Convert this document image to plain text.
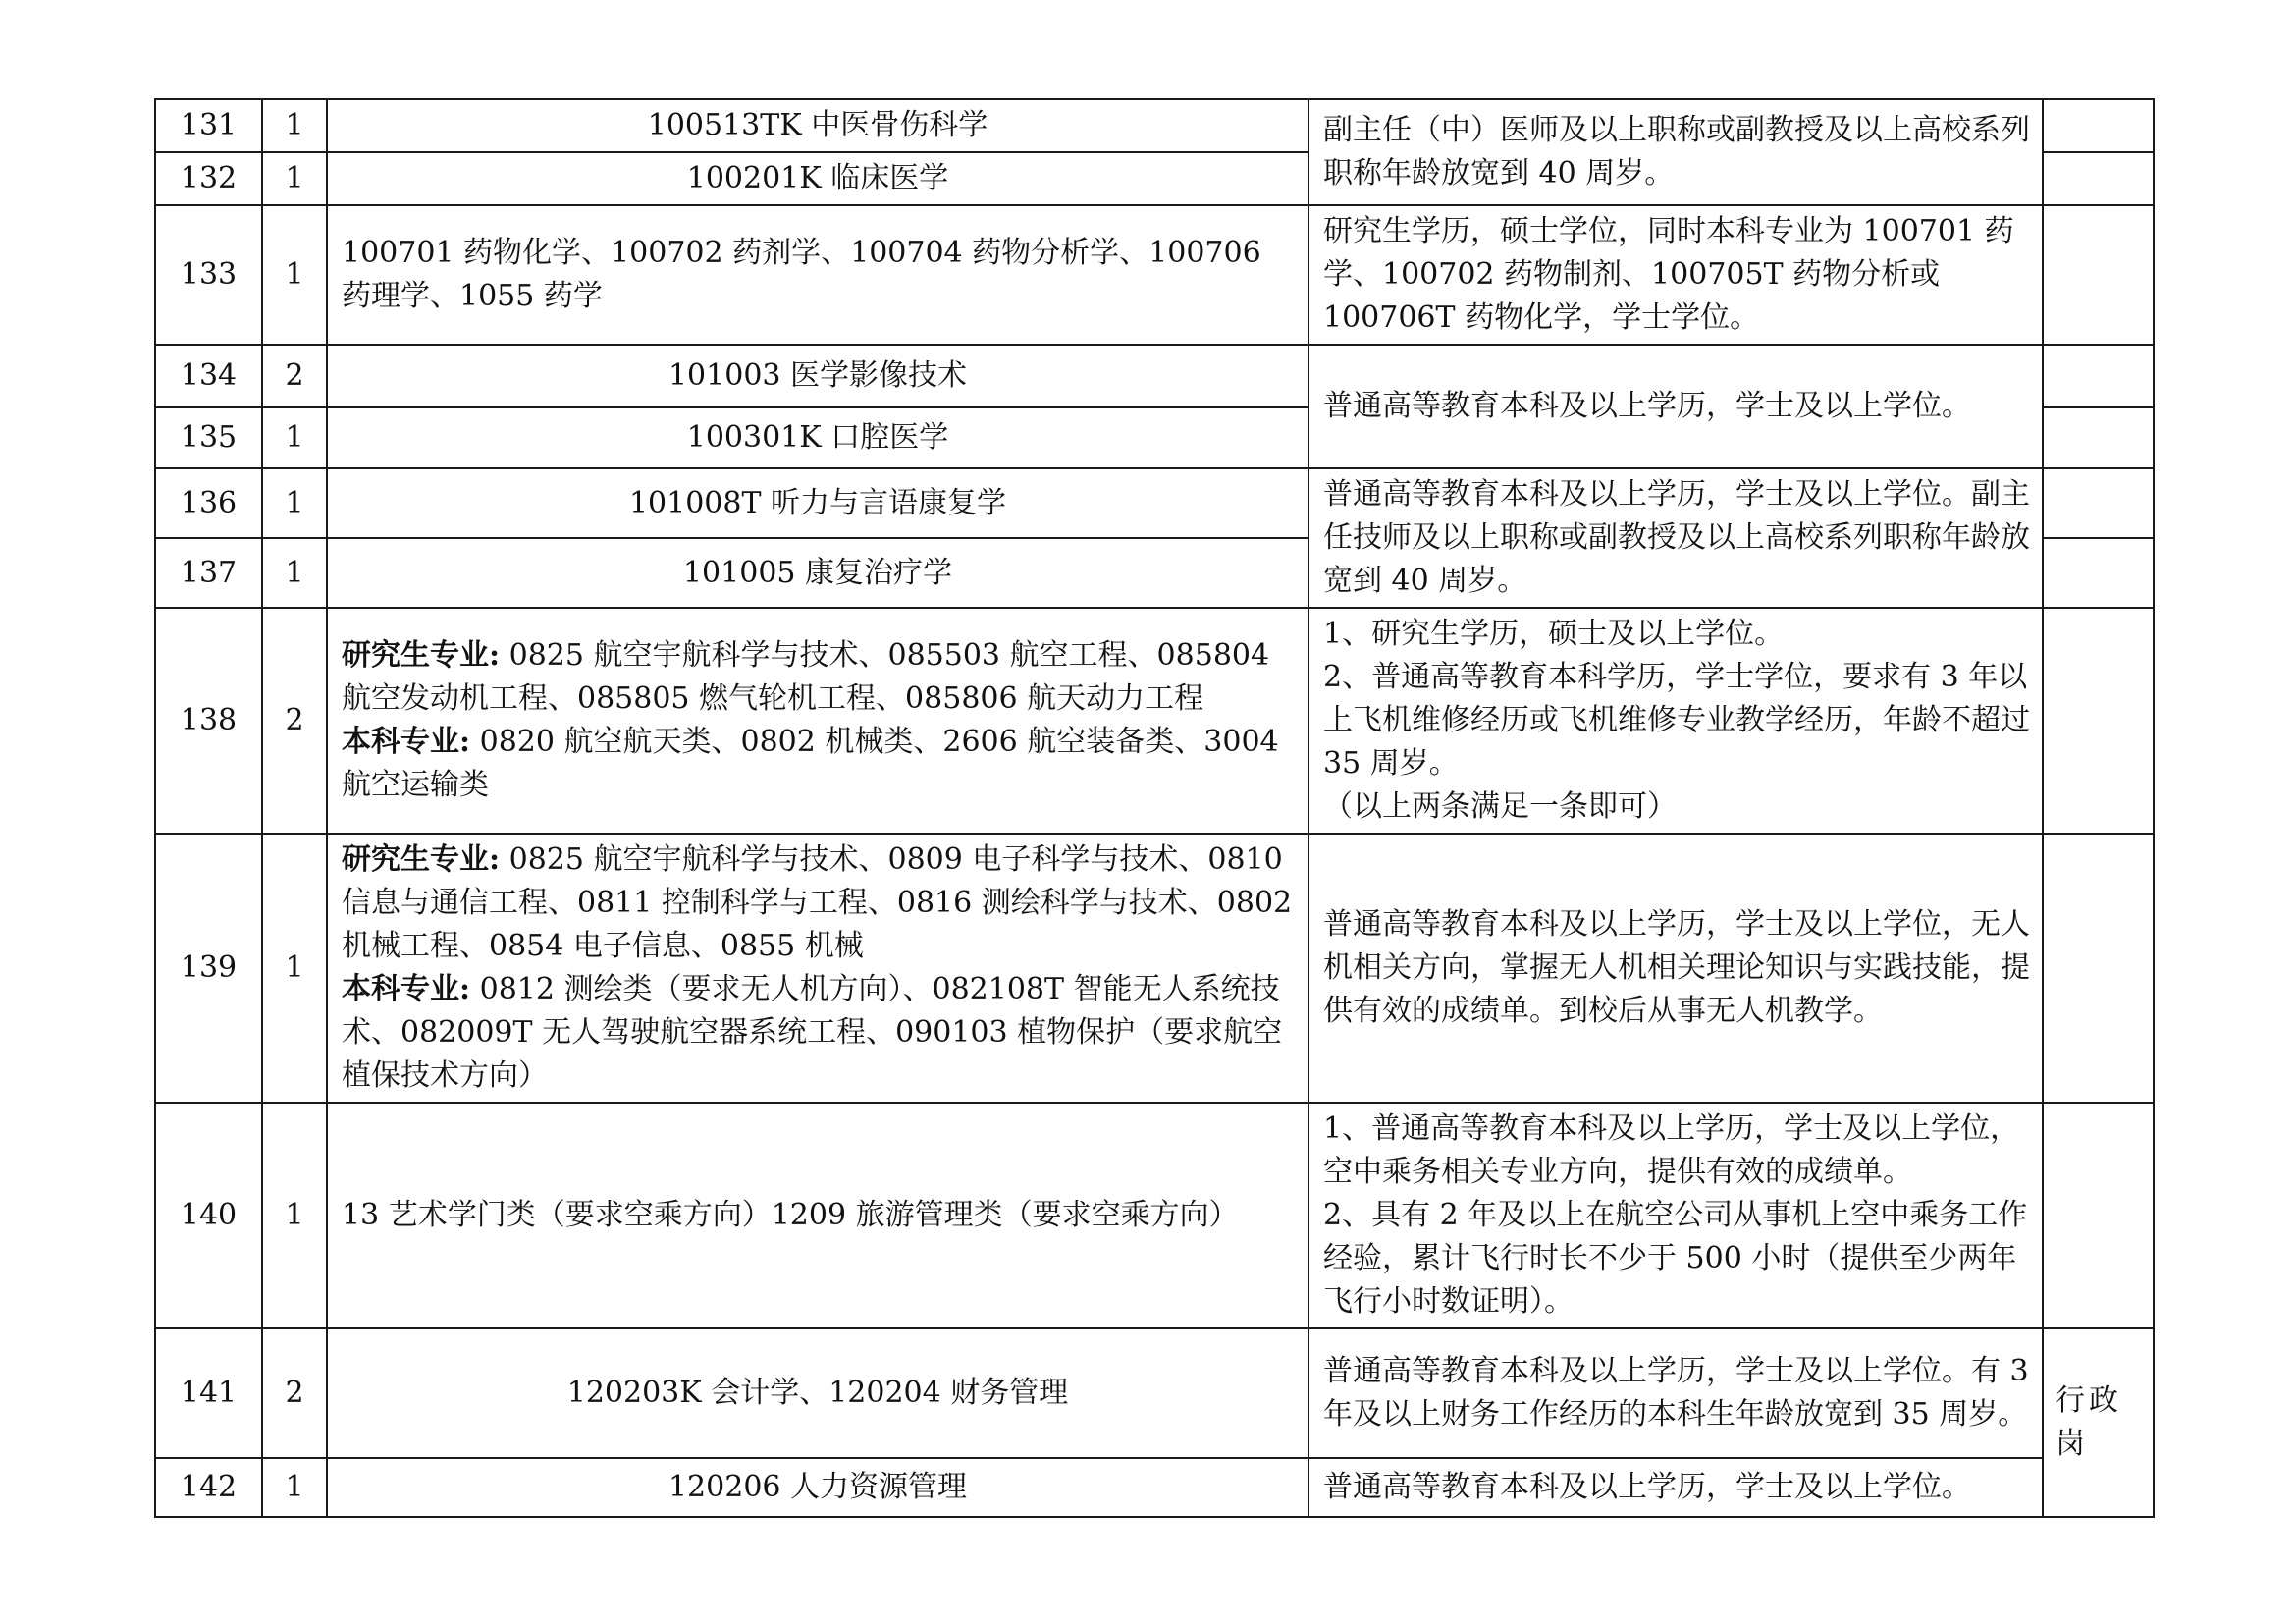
131	1	100513TK 中医骨伤科学	副主任（中）医师及以上职称或副教授及以上高校系列职称年龄放宽到 40 周岁。	
132	1	100201K 临床医学		
133	1	100701 药物化学、100702 药剂学、100704 药物分析学、100706 药理学、1055 药学	研究生学历，硕士学位，同时本科专业为 100701 药学、100702 药物制剂、100705T 药物分析或 100706T 药物化学，学士学位。	
134	2	101003 医学影像技术	普通高等教育本科及以上学历，学士及以上学位。	
135	1	100301K 口腔医学		
136	1	101008T 听力与言语康复学	普通高等教育本科及以上学历，学士及以上学位。副主任技师及以上职称或副教授及以上高校系列职称年龄放宽到 40 周岁。	
137	1	101005 康复治疗学		
138	2	研究生专业: 0825 航空宇航科学与技术、085503 航空工程、085804 航空发动机工程、085805 燃气轮机工程、085806 航天动力工程
本科专业: 0820 航空航天类、0802 机械类、2606 航空装备类、3004 航空运输类	1、研究生学历，硕士及以上学位。
2、普通高等教育本科学历，学士学位，要求有 3 年以上飞机维修经历或飞机维修专业教学经历，年龄不超过 35 周岁。
（以上两条满足一条即可）	

139	1	研究生专业: 0825 航空宇航科学与技术、0809 电子科学与技术、0810 信息与通信工程、0811 控制科学与工程、0816 测绘科学与技术、0802 机械工程、0854 电子信息、0855 机械
本科专业: 0812 测绘类（要求无人机方向）、082108T 智能无人系统技术、082009T 无人驾驶航空器系统工程、090103 植物保护（要求航空植保技术方向）	普通高等教育本科及以上学历，学士及以上学位，无人机相关方向，掌握无人机相关理论知识与实践技能，提供有效的成绩单。到校后从事无人机教学。	
140	1	13 艺术学门类（要求空乘方向）1209 旅游管理类（要求空乘方向）	1、普通高等教育本科及以上学历，学士及以上学位，空中乘务相关专业方向，提供有效的成绩单。
2、具有 2 年及以上在航空公司从事机上空中乘务工作经验，累计飞行时长不少于 500 小时（提供至少两年飞行小时数证明）。	

141	2	120203K 会计学、120204 财务管理	普通高等教育本科及以上学历，学士及以上学位。有 3 年及以上财务工作经历的本科生年龄放宽到 35 周岁。	行政岗
142	1	120206 人力资源管理	普通高等教育本科及以上学历，学士及以上学位。	
